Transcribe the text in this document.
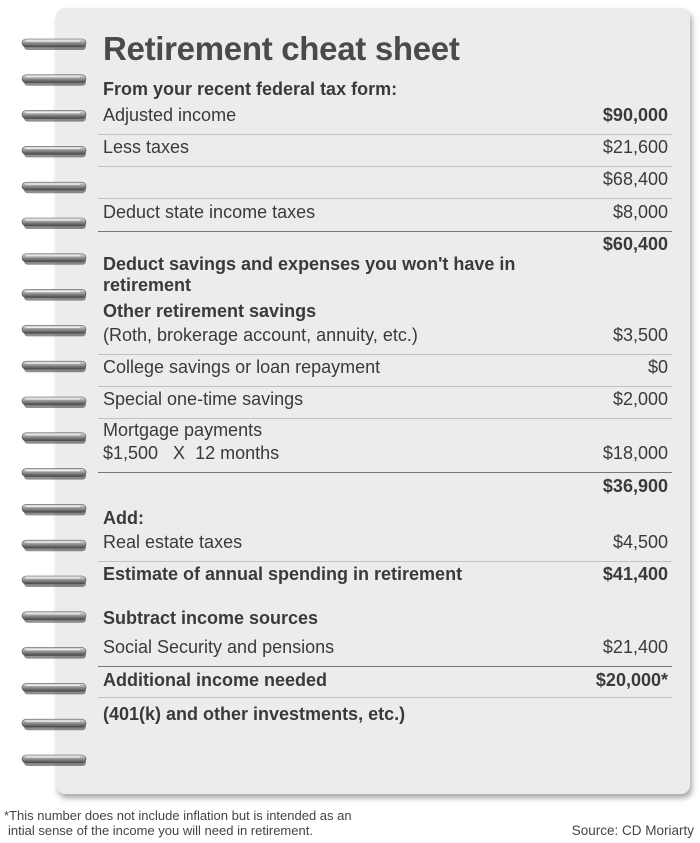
Retirement cheat sheet
From your recent federal tax form:
Adjusted income	$90,000
Less taxes	$21,600
$68,400
Deduct state income taxes	$8,000
$60,400
Deduct savings and expenses you won't have in retirement
Other retirement savings
(Roth, brokerage account, annuity, etc.)	$3,500
College savings or loan repayment	$0
Special one-time savings	$2,000
Mortgage payments
$1,500   X  12 months	$18,000
$36,900
Add:
Real estate taxes	$4,500
Estimate of annual spending in retirement	$41,400
Subtract income sources
Social Security and pensions	$21,400
Additional income needed	$20,000*
(401(k) and other investments, etc.)
*This number does not include inflation but is intended as an
intial sense of the income you will need in retirement.	Source: CD Moriarty
